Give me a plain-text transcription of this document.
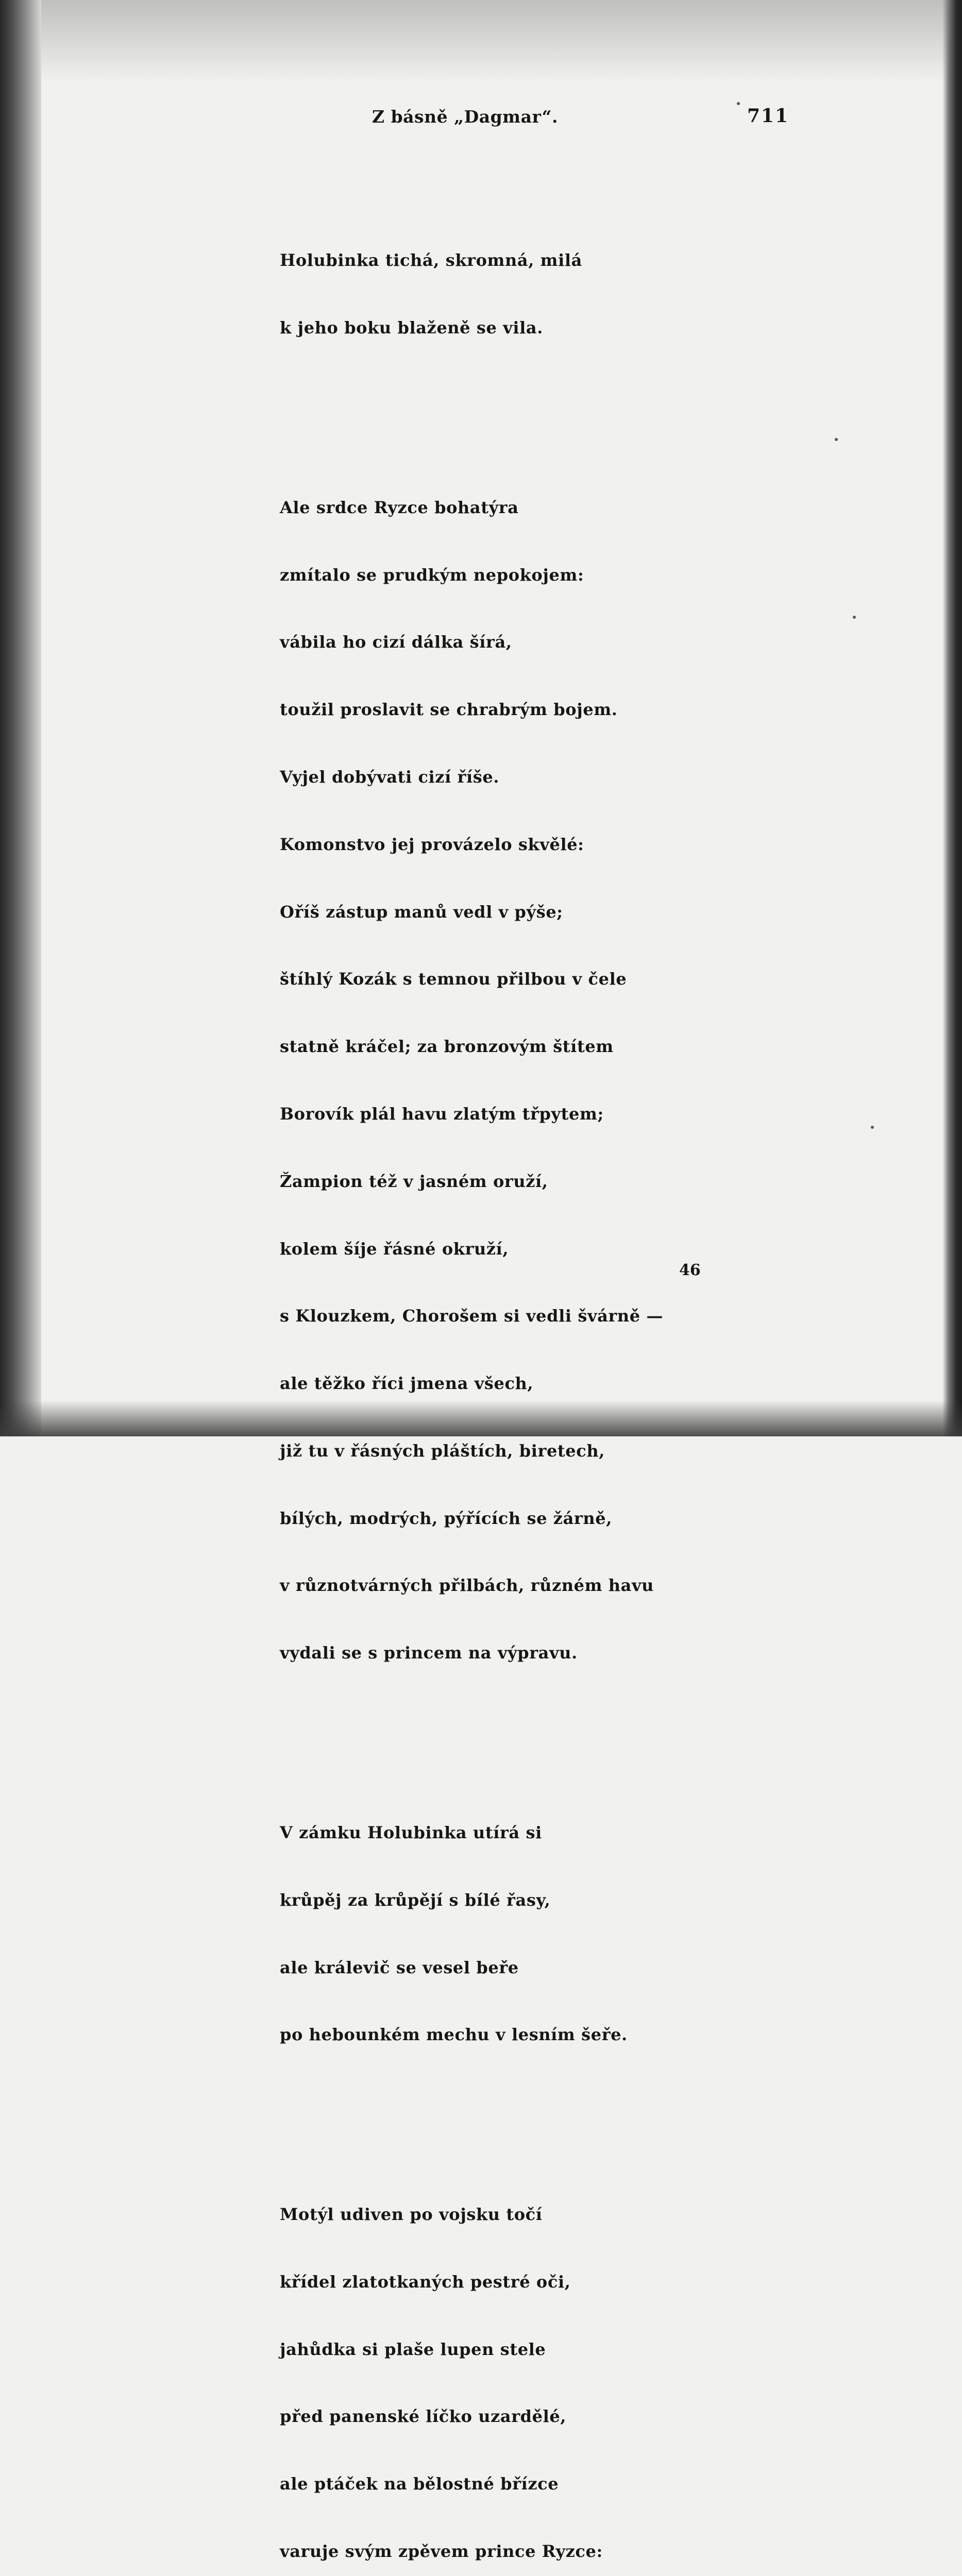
Z básně „Dagmar“.	711

Holubinka tichá, skromná, milá

k jeho boku blaženě se vila.

Ale srdce Ryzce bohatýra

zmítalo se prudkým nepokojem:

vábila ho cizí dálka šírá,

toužil proslavit se chrabrým bojem.

Vyjel dobývati cizí říše.

Komonstvo jej provázelo skvělé:

Oříš zástup manů vedl v pýše;

štíhlý Kozák s temnou přilbou v čele

statně kráčel; za bronzovým štítem

Borovík plál havu zlatým třpytem;

Žampion též v jasném oruží,

kolem šíje řásné okruží,

s Klouzkem, Chorošem si vedli švárně —

ale těžko říci jmena všech,

již tu v řásných pláštích, biretech,

bílých, modrých, pýřících se žárně,

v různotvárných přilbách, různém havu

vydali se s princem na výpravu.

V zámku Holubinka utírá si

krůpěj za krůpějí s bílé řasy,

ale králevič se vesel beře

po hebounkém mechu v lesním šeře.

Motýl udiven po vojsku točí

křídel zlatotkaných pestré oči,

jahůdka si plaše lupen stele

před panenské líčko uzardělé,

ale ptáček na bělostné břízce

varuje svým zpěvem prince Ryzce:

46
